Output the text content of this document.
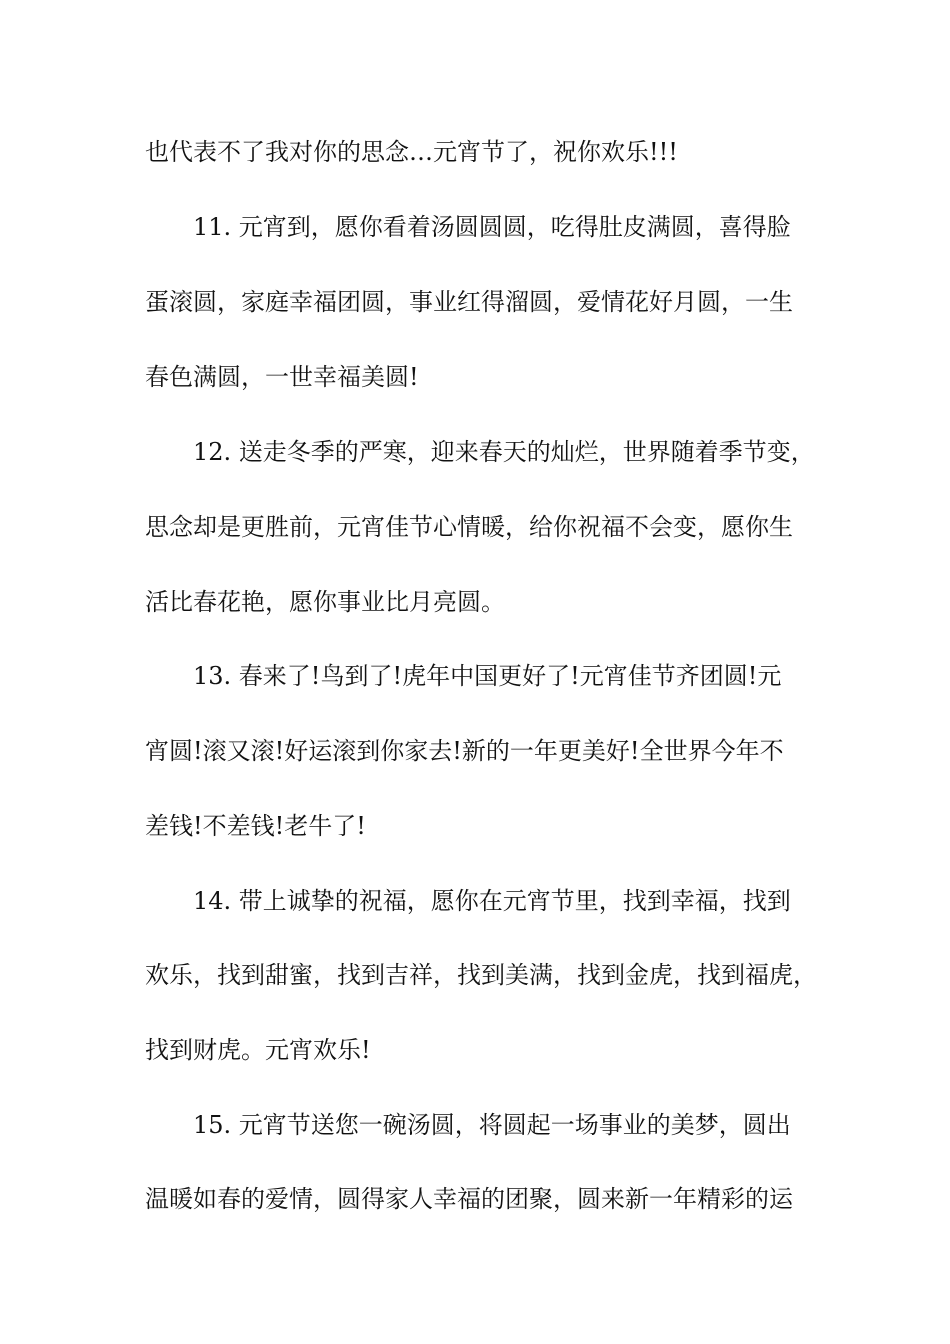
也代表不了我对你的思念…元宵节了，祝你欢乐!!!
11. 元宵到，愿你看着汤圆圆圆，吃得肚皮满圆，喜得脸
蛋滚圆，家庭幸福团圆，事业红得溜圆，爱情花好月圆，一生
春色满圆，一世幸福美圆!
12. 送走冬季的严寒，迎来春天的灿烂，世界随着季节变，
思念却是更胜前，元宵佳节心情暖，给你祝福不会变，愿你生
活比春花艳，愿你事业比月亮圆。
13. 春来了!鸟到了!虎年中国更好了!元宵佳节齐团圆!元
宵圆!滚又滚!好运滚到你家去!新的一年更美好!全世界今年不
差钱!不差钱!老牛了!
14. 带上诚挚的祝福，愿你在元宵节里，找到幸福，找到
欢乐，找到甜蜜，找到吉祥，找到美满，找到金虎，找到福虎，
找到财虎。元宵欢乐!
15. 元宵节送您一碗汤圆，将圆起一场事业的美梦，圆出
温暖如春的爱情，圆得家人幸福的团聚，圆来新一年精彩的运
